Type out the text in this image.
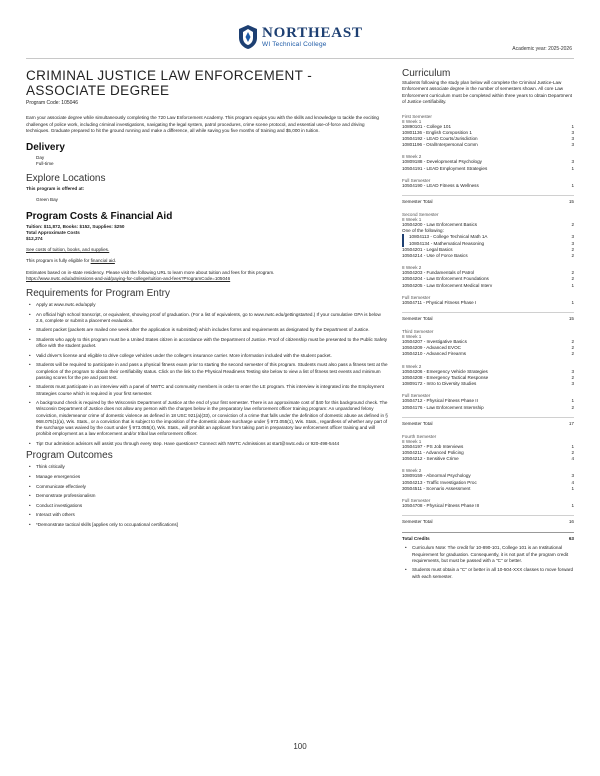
NORTHEAST
WI Technical College
Academic year: 2025-2026
CRIMINAL JUSTICE LAW ENFORCEMENT - ASSOCIATE DEGREE
Program Code: 105046

Earn your associate degree while simultaneously completing the 720 Law Enforcement Academy. This program equips you with the skills and knowledge to tackle the exciting challenges of police work, including criminal investigations, navigating the legal system, patrol procedures, crime scene protocol, and essential use-of-force and driving techniques. Graduate prepared to hit the ground running and make a difference, all while saving you five months of training and $5,000 in tuition.

Delivery
Day
Full-time
Explore Locations
This program is offered at:
Green Bay
Program Costs & Financial Aid
Tuition: $11,872, Books: $152, Supplies: $250
Total Approximate Costs
$12,274
See costs of tuition, books, and supplies.
This program is fully eligible for financial aid.
Estimates based on in-state residency. Please visit the following URL to learn more about tuition and fees for this program.
https://www.nwtc.edu/admissions-and-aid/paying-for-college/tuition-and-fees?ProgramCode=105046
Requirements for Program Entry
• Apply at www.nwtc.edu/apply
• An official high school transcript, or equivalent, showing proof of graduation. (For a list of equivalents, go to www.nwtc.edu/gettingstarted.) If your cumulative GPA is below 2.6, complete or submit a placement evaluation.
• Student packet (packets are mailed one week after the application is submitted) which includes forms and requirements as designated by the Department of Justice.
• Students who apply to this program must be a United States citizen in accordance with the Department of Justice. Proof of citizenship must be presented to the Public Safety office with the student packet.
• Valid driver's license and eligible to drive college vehicles under the college's insurance carrier. More information included with the student packet.
• Students will be required to participate in and pass a physical fitness exam prior to starting the second semester of this program. Students must also pass a fitness test at the completion of the program to obtain their certifiability status. Click on the link to the Physical Readiness Testing site below to view a list of fitness test events and minimum passing scores for the pre and post test.
• Students must participate in an interview with a panel of NWTC and community members in order to enter the LE program. This interview is integrated into the Employment Strategies course which is required in your first semester.
• A background check is required by the Wisconsin Department of Justice at the end of your first semester. There is an approximate cost of $40 for this background check. The Wisconsin Department of Justice does not allow any person with the charges below in the preparatory law enforcement officer training program: An unpardoned felony conviction, misdemeanor crime of domestic violence as defined in 18 USC 921(a)(33), or conviction of a crime that falls under the definition of domestic abuse as defined in § 968.075(1)(a), Wis. Stats., or a conviction that is subject to the imposition of the domestic abuse surcharge under § 973.055(1), Wis. Stats., regardless of whether any part of the surcharge was waived by the court under § 973.055(4), Wis. Stats., will prohibit an applicant from taking part in preparatory law enforcement officer training and will prohibit employment as a law enforcement and/or tribal law enforcement officer.
• Tip! Our admission advisors will assist you through every step. Have questions? Connect with NWTC Admissions at start@nwtc.edu or 920-498-5444
Program Outcomes
• Think critically
• Manage emergencies
• Communicate effectively
• Demonstrate professionalism
• Conduct investigations
• Interact with others
• *Demonstrate tactical skills [applies only to occupational certifications]
Curriculum

Students following the study plan below will complete the Criminal Justice-Law Enforcement associate degree in the number of semesters shown. All core Law Enforcement curriculum must be completed within three years to obtain Department of Justice certifiability.

First Semester
8 Week 1
10890101 - College 101	1
10801136 - English Composition 1	3
10504192 - LEAD Courts/Jurisdiction	3
10801196 - Oral/Interpersonal Comm	3
8 Week 2
10809188 - Developmental Psychology	3
10504191 - LEAD Employment Strategies	1
Full Semester
10504190 - LEAD Fitness & Wellness	1
Semester Total	15
Second Semester
8 Week 1
10504200 - Law Enforcement Basics	2
One of the following:
10804113 - College Technical Math 1A	3
10804134 - Mathematical Reasoning	3
10504201 - Legal Basics	2
10504214 - Use of Force Basics	2
8 Week 2
10504203 - Fundamentals of Patrol	2
10504204 - Law Enforcement Foundations	2
10504205 - Law Enforcement Medical Interv	1
Full Semester
10504711 - Physical Fitness Phase I	1
Semester Total	15
Third Semester
8 Week 1
10504207 - Investigative Basics	2
10504209 - Advanced EVOC	2
10504210 - Advanced Firearms	2
8 Week 2
10504206 - Emergency Vehicle Strategies	3
10504208 - Emergency Tactical Response	2
10809172 - Intro to Diversity Studies	3
Full Semester
10504712 - Physical Fitness Phase II	1
10504176 - Law Enforcement Internship	2
Semester Total	17
Fourth Semester
8 Week 1
10504197 - PS Job Interviews	1
10504211 - Advanced Policing	2
10504212 - Sensitive Crime	4
8 Week 2
10809159 - Abnormal Psychology	3
10504213 - Traffic Investigation Proc	4
30504511 - Scenario Assessment	1
Full Semester
10504708 - Physical Fitness Phase III	1
Semester Total	16
Total Credits	63
• Curriculum Note: The credit for 10-890-101, College 101 is an Institutional Requirement for graduation. Consequently, it is not part of the program credit requirements, but must be passed with a "C" or better.
• Students must obtain a "C" or better in all 10-504-XXX classes to move forward with each semester.
100
